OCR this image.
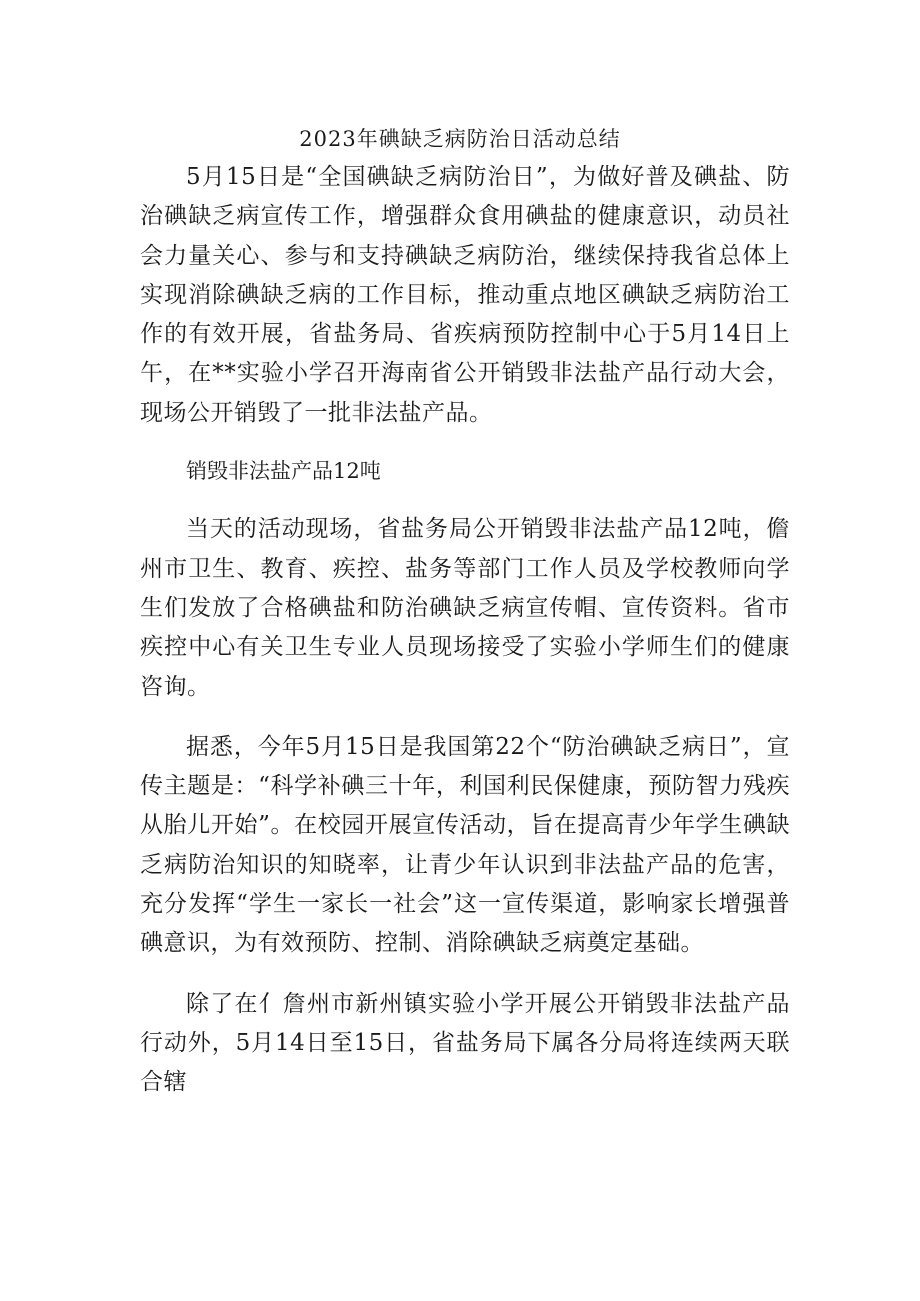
2023年碘缺乏病防治日活动总结

5月15日是“全国碘缺乏病防治日”，为做好普及碘盐、防治碘缺乏病宣传工作，增强群众食用碘盐的健康意识，动员社会力量关心、参与和支持碘缺乏病防治，继续保持我省总体上实现消除碘缺乏病的工作目标，推动重点地区碘缺乏病防治工作的有效开展，省盐务局、省疾病预防控制中心于5月14日上午，在**实验小学召开海南省公开销毁非法盐产品行动大会，现场公开销毁了一批非法盐产品。

销毁非法盐产品12吨

当天的活动现场，省盐务局公开销毁非法盐产品12吨，儋州市卫生、教育、疾控、盐务等部门工作人员及学校教师向学生们发放了合格碘盐和防治碘缺乏病宣传帽、宣传资料。省市疾控中心有关卫生专业人员现场接受了实验小学师生们的健康咨询。

据悉，今年5月15日是我国第22个“防治碘缺乏病日”，宣传主题是：“科学补碘三十年，利国利民保健康，预防智力残疾从胎儿开始”。在校园开展宣传活动，旨在提高青少年学生碘缺乏病防治知识的知晓率，让青少年认识到非法盐产品的危害，充分发挥“学生一家长一社会”这一宣传渠道，影响家长增强普碘意识，为有效预防、控制、消除碘缺乏病奠定基础。

除了在亻詹州市新州镇实验小学开展公开销毁非法盐产品行动外，5月14日至15日，省盐务局下属各分局将连续两天联合辖
